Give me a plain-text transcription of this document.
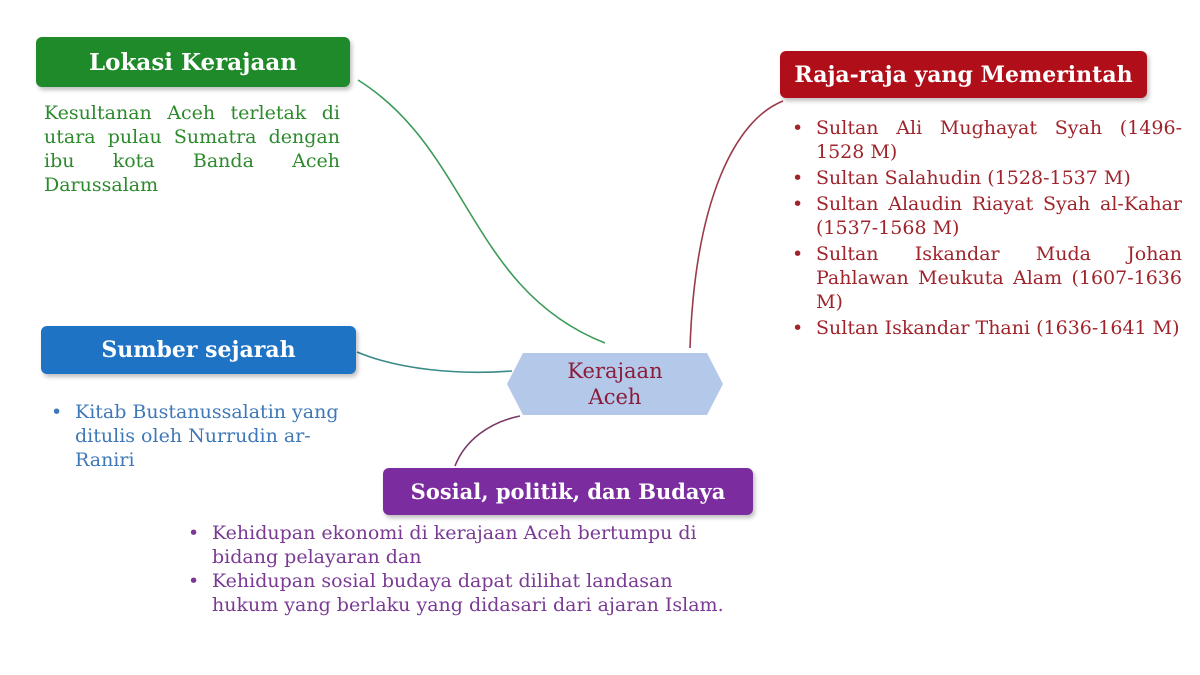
Kerajaan
Aceh
Lokasi Kerajaan
Kesultanan Aceh terletak di utara pulau Sumatra dengan ibu kota Banda Aceh Darussalam
Raja-raja yang Memerintah
• Sultan Ali Mughayat Syah (1496-1528 M)
• Sultan Salahudin (1528-1537 M)
• Sultan Alaudin Riayat Syah al-Kahar (1537-1568 M)
• Sultan Iskandar Muda Johan Pahlawan Meukuta Alam (1607-1636 M)
• Sultan Iskandar Thani (1636-1641 M)
Sumber sejarah
• Kitab Bustanussalatin yang ditulis oleh Nurrudin ar-Raniri
Sosial, politik, dan Budaya
• Kehidupan ekonomi di kerajaan Aceh bertumpu di bidang pelayaran dan
• Kehidupan sosial budaya dapat dilihat landasan hukum yang berlaku yang didasari dari ajaran Islam.
